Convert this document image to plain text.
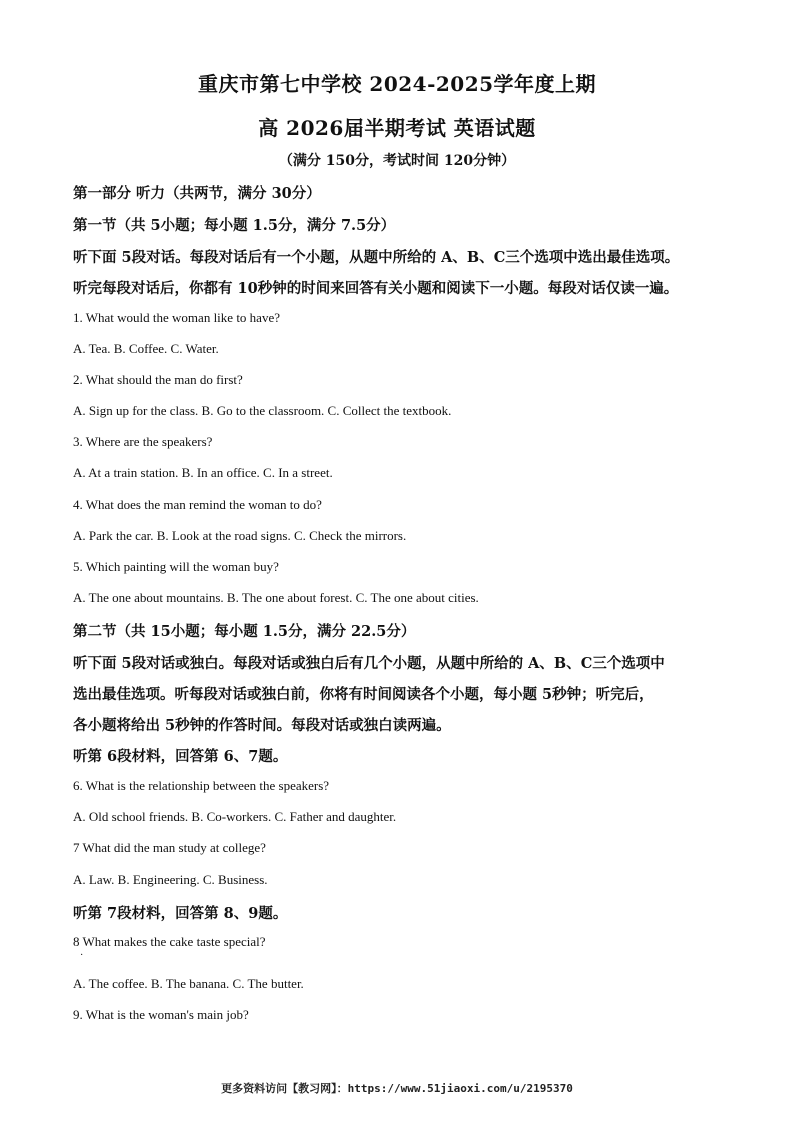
重庆市第七中学校 2024-2025学年度上期
高 2026届半期考试 英语试题
（满分 150分，考试时间 120分钟）
第一部分 听力（共两节，满分 30分）
第一节（共 5小题；每小题 1.5分，满分 7.5分）
听下面 5段对话。每段对话后有一个小题，从题中所给的 A、B、C三个选项中选出最佳选项。
听完每段对话后，你都有 10秒钟的时间来回答有关小题和阅读下一小题。每段对话仅读一遍。
1. What would the woman like to have?
A. Tea. B. Coffee. C. Water.
2. What should the man do first?
A. Sign up for the class. B. Go to the classroom. C. Collect the textbook.
3. Where are the speakers?
A. At a train station. B. In an office. C. In a street.
4. What does the man remind the woman to do?
A. Park the car. B. Look at the road signs. C. Check the mirrors.
5. Which painting will the woman buy?
A. The one about mountains. B. The one about forest. C. The one about cities.
第二节（共 15小题；每小题 1.5分，满分 22.5分）
听下面 5段对话或独白。每段对话或独白后有几个小题，从题中所给的 A、B、C三个选项中
选出最佳选项。听每段对话或独白前，你将有时间阅读各个小题，每小题 5秒钟；听完后，
各小题将给出 5秒钟的作答时间。每段对话或独白读两遍。
听第 6段材料，回答第 6、7题。
6. What is the relationship between the speakers?
A. Old school friends. B. Co-workers. C. Father and daughter.
7 What did the man study at college?
A. Law. B. Engineering. C. Business.
听第 7段材料，回答第 8、9题。
8 What makes the cake taste special?
·
A. The coffee. B. The banana. C. The butter.
9. What is the woman's main job?
更多资料访问【教习网】：https://www.51jiaoxi.com/u/2195370
